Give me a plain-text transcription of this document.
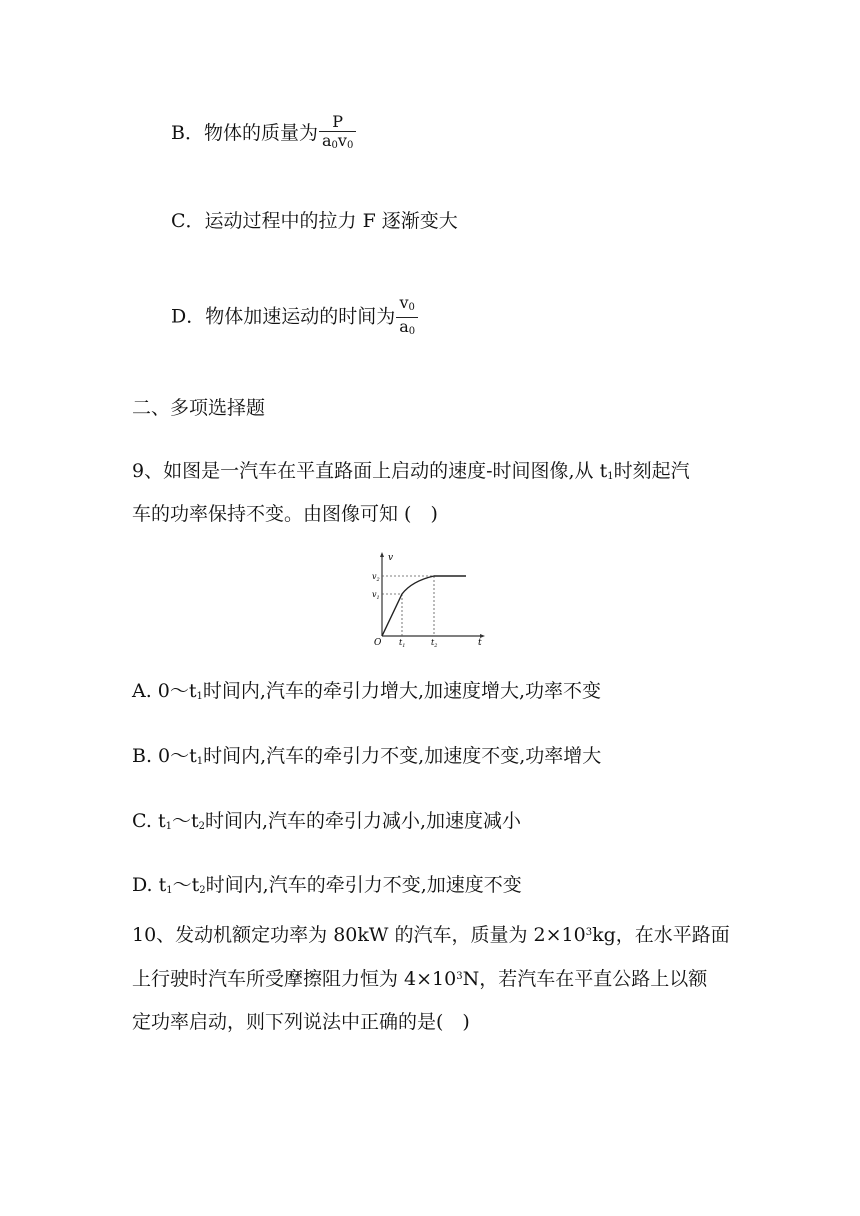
B．物体的质量为 $\frac{P}{a_0v_0}$
C．运动过程中的拉力 F 逐渐变大
D．物体加速运动的时间为 $\frac{v_0}{a_0}$
二、多项选择题
9、如图是一汽车在平直路面上启动的速度-时间图像,从 $t_1$时刻起汽
车的功率保持不变。由图像可知 (　)
v
t
O
$v_1$
$v_2$
$t_1$	$t_2$
A. $0\sim t_1$时间内,汽车的牵引力增大,加速度增大,功率不变
B. $0\sim t_1$时间内,汽车的牵引力不变,加速度不变,功率增大
C. $t_1\sim t_2$时间内,汽车的牵引力减小,加速度减小
D. $t_1\sim t_2$时间内,汽车的牵引力不变,加速度不变
10、发动机额定功率为 80kW 的汽车，质量为 $2\times 10^3kg$，在水平路面
上行驶时汽车所受摩擦阻力恒为 $4\times 10^3N$，若汽车在平直公路上以额
定功率启动，则下列说法中正确的是(　)
